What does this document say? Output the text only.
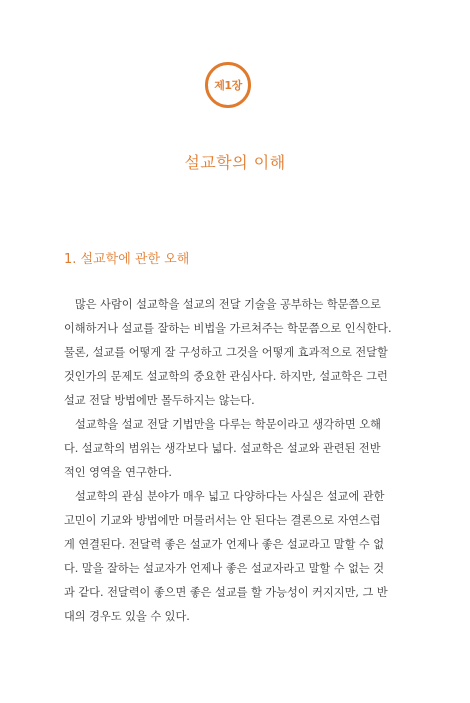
제1장
설교학의 이해
1. 설교학에 관한 오해
많은 사람이 설교학을 설교의 전달 기술을 공부하는 학문쯤으로
이해하거나 설교를 잘하는 비법을 가르쳐주는 학문쯤으로 인식한다.
물론, 설교를 어떻게 잘 구성하고 그것을 어떻게 효과적으로 전달할
것인가의 문제도 설교학의 중요한 관심사다. 하지만, 설교학은 그런
설교 전달 방법에만 몰두하지는 않는다.
설교학을 설교 전달 기법만을 다루는 학문이라고 생각하면 오해
다. 설교학의 범위는 생각보다 넓다. 설교학은 설교와 관련된 전반
적인 영역을 연구한다.
설교학의 관심 분야가 매우 넓고 다양하다는 사실은 설교에 관한
고민이 기교와 방법에만 머물러서는 안 된다는 결론으로 자연스럽
게 연결된다. 전달력 좋은 설교가 언제나 좋은 설교라고 말할 수 없
다. 말을 잘하는 설교자가 언제나 좋은 설교자라고 말할 수 없는 것
과 같다. 전달력이 좋으면 좋은 설교를 할 가능성이 커지지만, 그 반
대의 경우도 있을 수 있다.
